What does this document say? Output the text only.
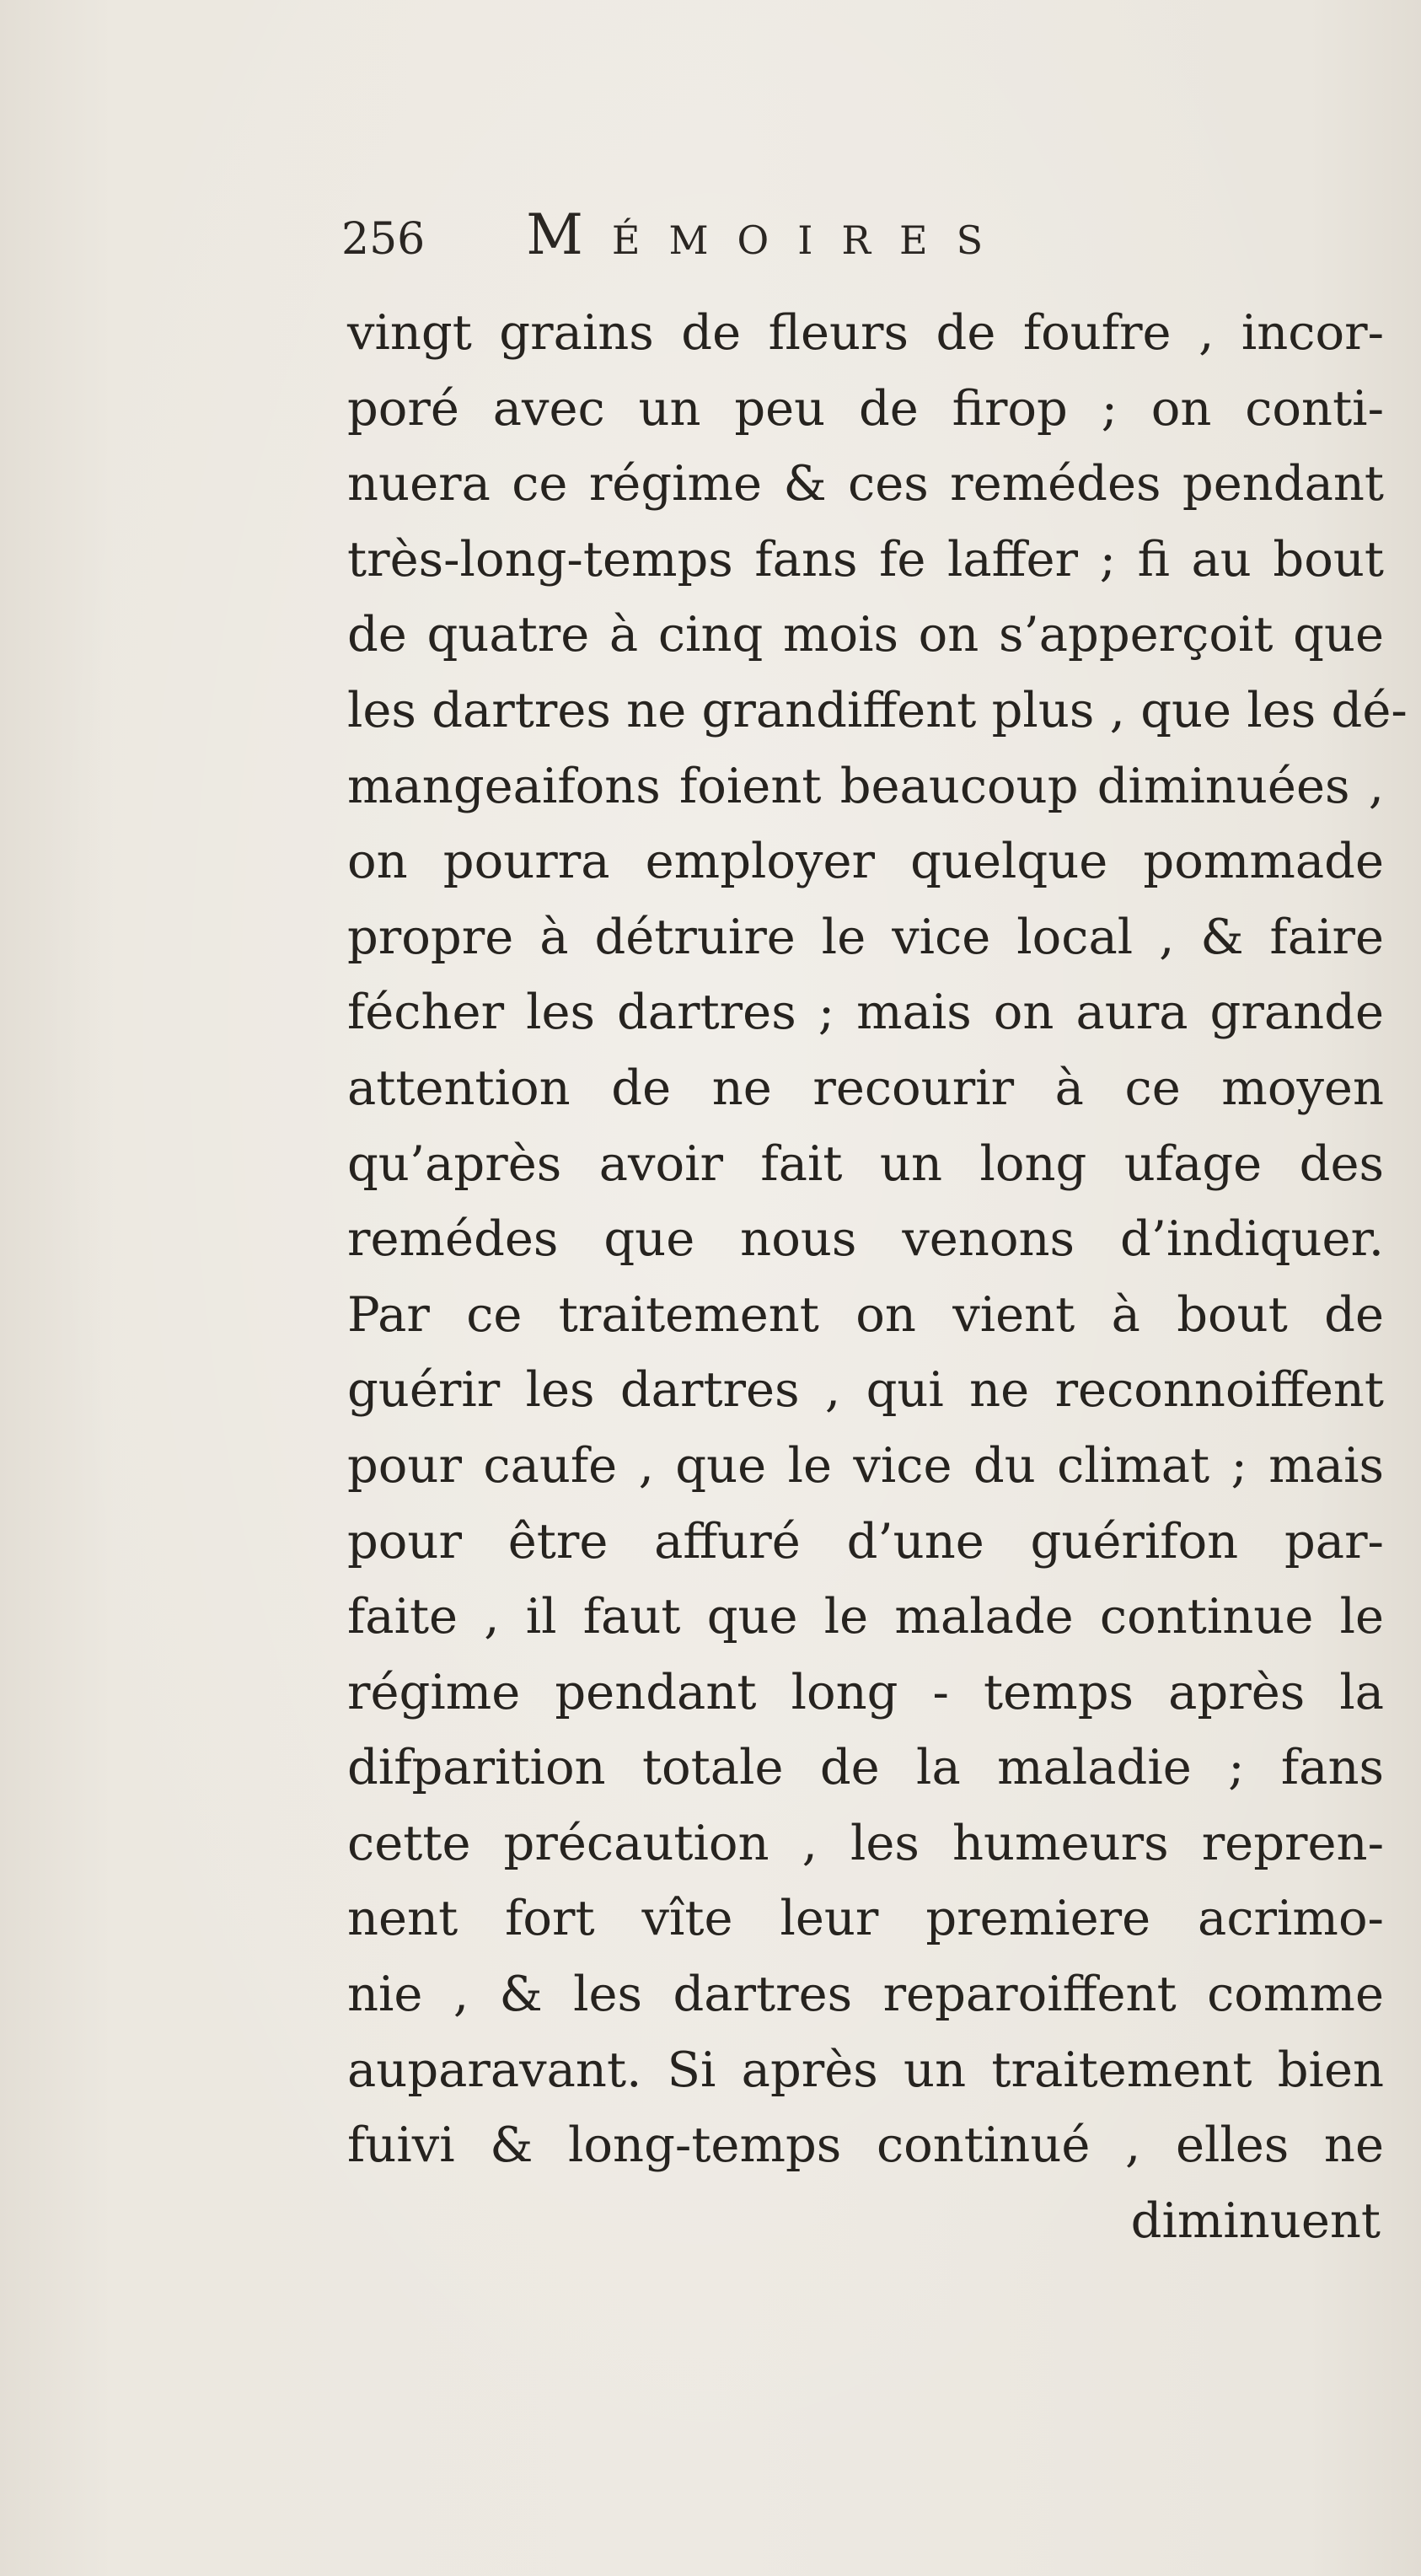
256 MÉMOIRES
vingt grains de fleurs de foufre , incor-
poré avec un peu de firop ; on conti-
nuera ce régime & ces remédes pendant
très-long-temps fans fe laffer ; fi au bout
de quatre à cinq mois on s’apperçoit que
les dartres ne grandiffent plus , que les dé-
mangeaifons foient beaucoup diminuées ,
on pourra employer quelque pommade
propre à détruire le vice local , & faire
fécher les dartres ; mais on aura grande
attention de ne recourir à ce moyen
qu’après avoir fait un long ufage des
remédes que nous venons d’indiquer.
Par ce traitement on vient à bout de
guérir les dartres , qui ne reconnoiffent
pour caufe , que le vice du climat ; mais
pour être affuré d’une guérifon par-
faite , il faut que le malade continue le
régime pendant long - temps après la
difparition totale de la maladie ; fans
cette précaution , les humeurs repren-
nent fort vîte leur premiere acrimo-
nie , & les dartres reparoiffent comme
auparavant. Si après un traitement bien
fuivi & long-temps continué , elles ne
diminuent
